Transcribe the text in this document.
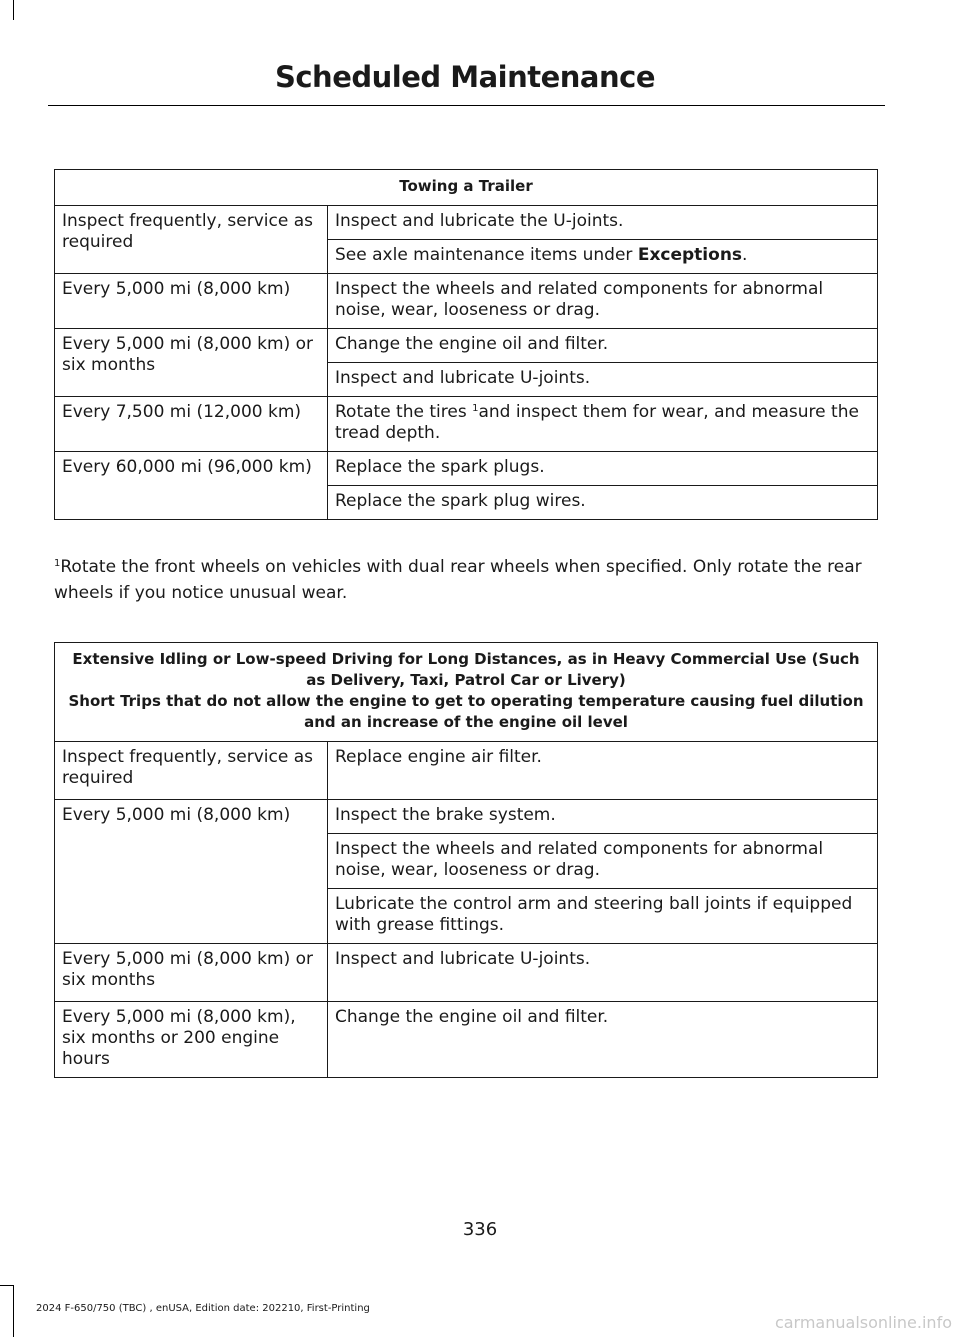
Scheduled Maintenance
Towing a Trailer	
Inspect frequently, service as required	Inspect and lubricate the U-joints.
	See axle maintenance items under Exceptions.
Every 5,000 mi (8,000 km)	Inspect the wheels and related components for abnormal noise, wear, looseness or drag.
Every 5,000 mi (8,000 km) or six months	Change the engine oil and filter.
	Inspect and lubricate U-joints.
Every 7,500 mi (12,000 km)	Rotate the tires $^1$and inspect them for wear, and measure the tread depth.
Every 60,000 mi (96,000 km)	Replace the spark plugs.
	Replace the spark plug wires.
$^1$Rotate the front wheels on vehicles with dual rear wheels when specified. Only rotate the rear wheels if you notice unusual wear.
Extensive Idling or Low-speed Driving for Long Distances, as in Heavy Commercial Use (Such as Delivery, Taxi, Patrol Car or Livery)
Short Trips that do not allow the engine to get to operating temperature causing fuel dilution and an increase of the engine oil level	

Inspect frequently, service as required	Replace engine air filter.
Every 5,000 mi (8,000 km)	Inspect the brake system.
	Inspect the wheels and related components for abnormal noise, wear, looseness or drag.
	Lubricate the control arm and steering ball joints if equipped with grease fittings.
Every 5,000 mi (8,000 km) or six months	Inspect and lubricate U-joints.
Every 5,000 mi (8,000 km), six months or 200 engine hours	Change the engine oil and filter.
336
2024 F-650/750 (TBC) , enUSA, Edition date: 202210, First-Printing
carmanualsonline.info
